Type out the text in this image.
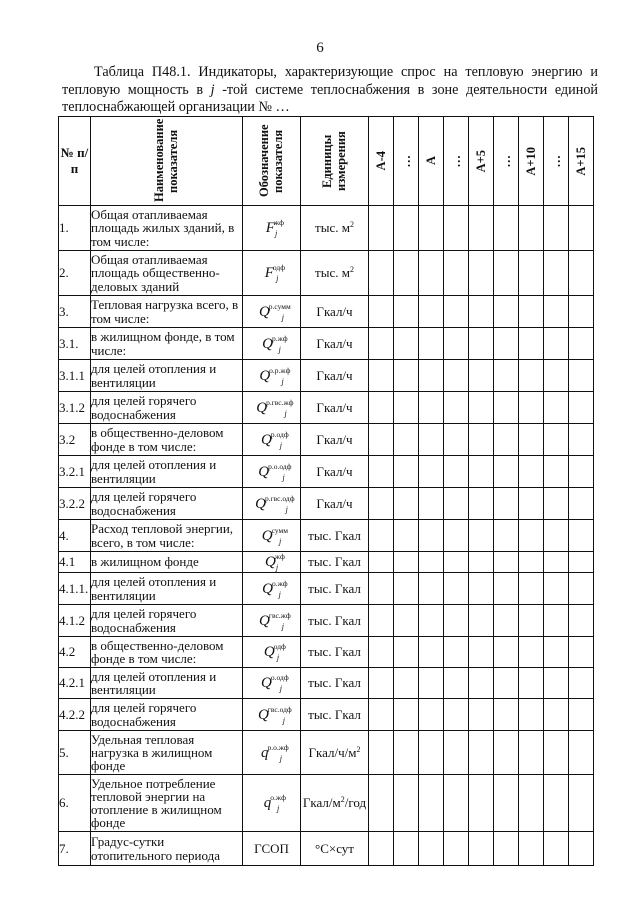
6
Таблица П48.1. Индикаторы, характеризующие спрос на тепловую энергию и тепловую мощность в j -той системе теплоснабжения в зоне деятельности единой теплоснабжающей организации № …
№ п/п	Наименование показателя	Обозначение показателя	Единицы измерения	А-4	…	А	…	А+5	…	А+10	…	А+15

1.	Общая отапливаемая площадь жилых зданий, в том числе:	$F^{жф}_j$	тыс. $м^2$									
2.	Общая отапливаемая площадь общественно-деловых зданий	$F^{одф}_j$	тыс. $м^2$									
3.	Тепловая нагрузка всего, в том числе:	$Q^{р.сумм}_j$	Гкал/ч									
3.1.	в жилищном фонде, в том числе:	$Q^{р.жф}_j$	Гкал/ч									
3.1.1	для целей отопления и вентиляции	$Q^{о.р.жф}_j$	Гкал/ч									
3.1.2	для целей горячего водоснабжения	$Q^{р.гвс.жф}_j$	Гкал/ч									
3.2	в общественно-деловом фонде в том числе:	$Q^{р.одф}_j$	Гкал/ч									
3.2.1	для целей отопления и вентиляции	$Q^{р.о.одф}_j$	Гкал/ч									
3.2.2	для целей горячего водоснабжения	$Q^{р.гвс.одф}_j$	Гкал/ч									
4.	Расход тепловой энергии, всего, в том числе:	$Q^{сумм}_j$	тыс. Гкал									
4.1	в жилищном фонде	$Q^{жф}_j$	тыс. Гкал									
4.1.1.	для целей отопления и вентиляции	$Q^{о.жф}_j$	тыс. Гкал									
4.1.2	для целей горячего водоснабжения	$Q^{гвс.жф}_j$	тыс. Гкал									
4.2	в общественно-деловом фонде в том числе:	$Q^{одф}_j$	тыс. Гкал									
4.2.1	для целей отопления и вентиляции	$Q^{о.одф}_j$	тыс. Гкал									
4.2.2	для целей горячего водоснабжения	$Q^{гвс.одф}_j$	тыс. Гкал									
5.	Удельная тепловая нагрузка в жилищном фонде	$q^{р.о.жф}_j$	Гкал/$ч/м^2$									
6.	Удельное потребление тепловой энергии на отопление в жилищном фонде	$q^{о.жф}_j$	Гкал/$м^2$/год									
7.	Градус-сутки отопительного периода	ГСОП	°С×сут									
